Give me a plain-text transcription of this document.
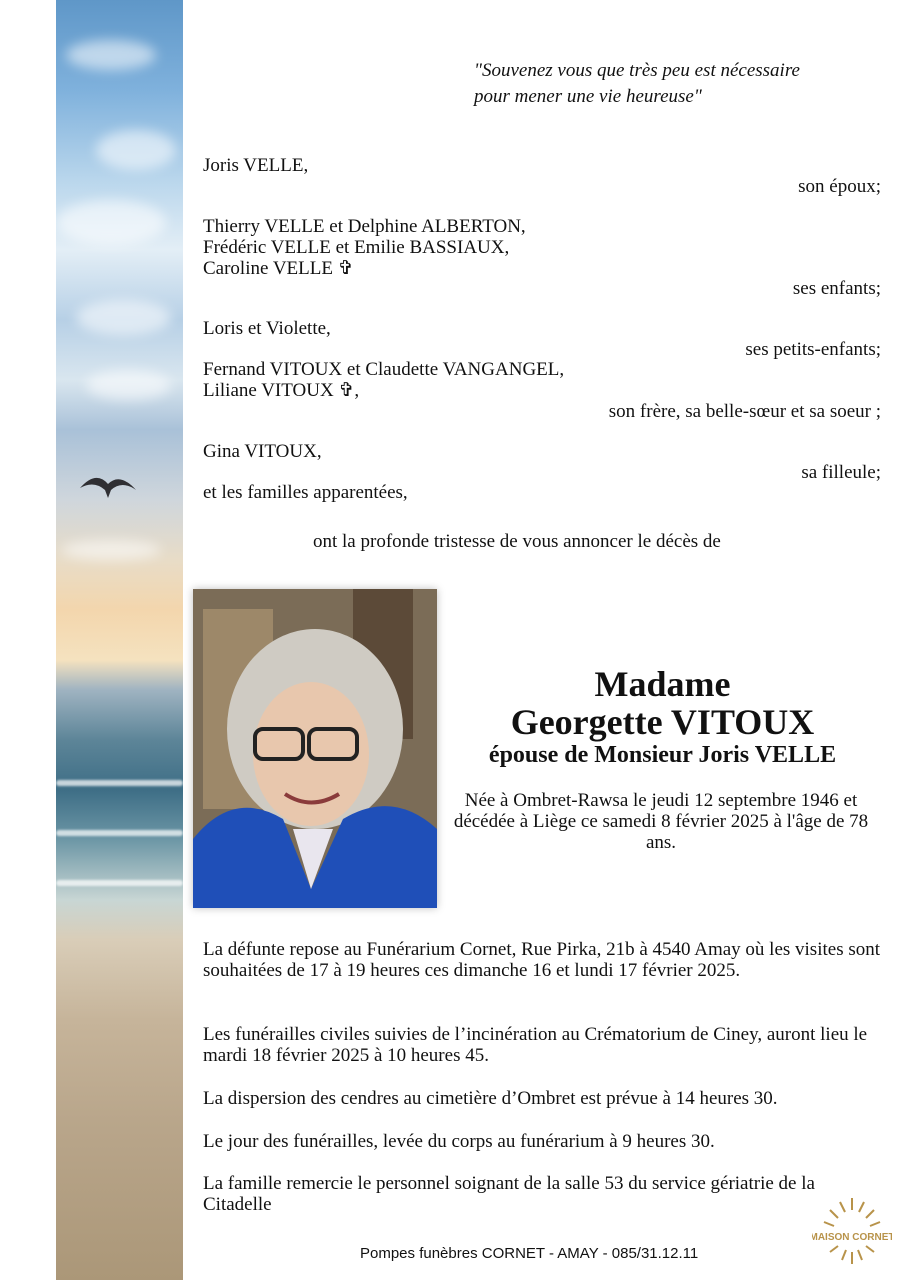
"Souvenez vous que très peu est nécessaire
pour mener une vie heureuse"
Joris VELLE,
son époux;
Thierry VELLE et Delphine ALBERTON,
Frédéric VELLE et Emilie BASSIAUX,
Caroline VELLE ✞
ses enfants;
Loris et Violette,
ses petits-enfants;
Fernand VITOUX et Claudette VANGANGEL,
Liliane VITOUX ✞,
son frère, sa belle-sœur et sa soeur ;
Gina VITOUX,
sa filleule;
et les familles apparentées,
ont la profonde tristesse de vous annoncer le décès de
Madame
Georgette VITOUX
épouse de Monsieur Joris VELLE
Née à Ombret-Rawsa le jeudi 12 septembre 1946 et décédée à Liège ce samedi 8 février 2025 à l'âge de 78 ans.
La défunte repose au Funérarium Cornet, Rue Pirka, 21b à 4540 Amay où les visites sont souhaitées de 17 à 19 heures ces dimanche 16 et lundi 17 février 2025.
Les funérailles civiles suivies de l’incinération au Crématorium de Ciney, auront lieu le mardi 18 février 2025 à 10 heures 45.
La dispersion des cendres au cimetière d’Ombret est prévue à 14 heures 30.
Le jour des funérailles, levée du corps au funérarium à 9 heures 30.
La famille remercie le personnel soignant de la salle 53 du service gériatrie de la Citadelle
Pompes funèbres CORNET - AMAY - 085/31.12.11
MAISON CORNET
